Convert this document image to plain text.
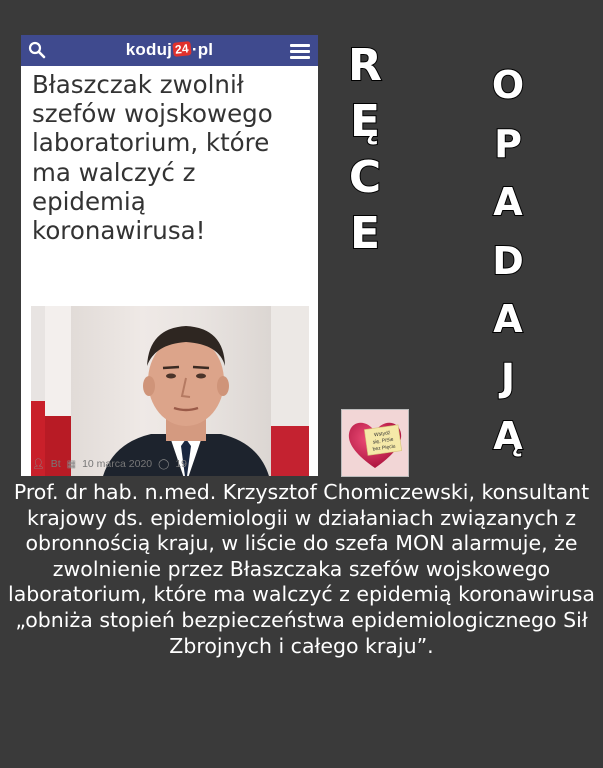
koduj 24 ·pl
Błaszczak zwolnił szefów wojskowego laboratorium, które ma walczyć z epidemią koronawirusa!
👤︎ Bt ▦ 10 marca 2020 ◯ 19
R
Ę
C
E
O
P
A
D
A
J
Ą
Wstydź
się, PiSie
bez Pięciu

Prof. dr hab. n.med. Krzysztof Chomiczewski, konsultant krajowy ds. epidemiologii w działaniach związanych z obronnością kraju, w liście do szefa MON alarmuje, że zwolnienie przez Błaszczaka szefów wojskowego laboratorium, które ma walczyć z epidemią koronawirusa „obniża stopień bezpieczeństwa epidemiologicznego Sił Zbrojnych i całego kraju”.
